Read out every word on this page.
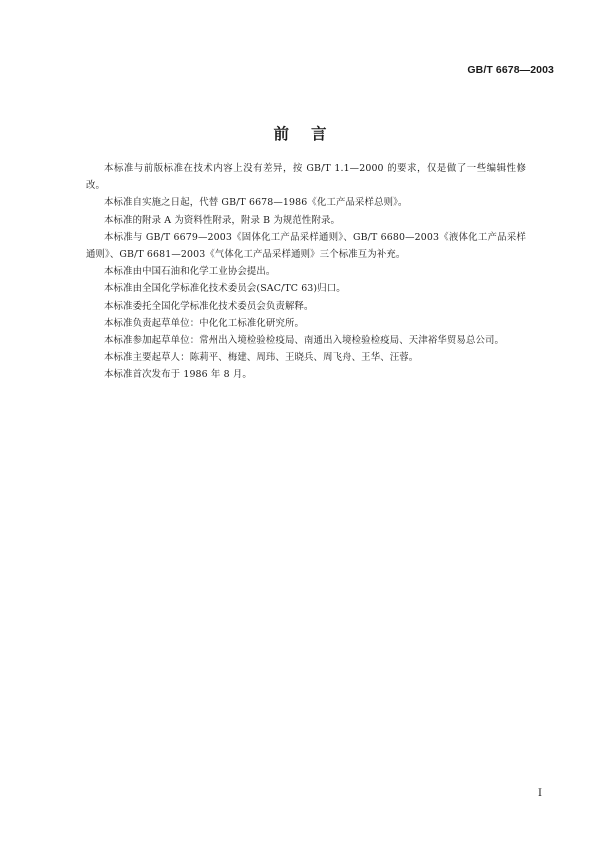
GB/T 6678—2003
前言

本标准与前版标准在技术内容上没有差异，按 GB/T 1.1—2000 的要求，仅是做了一些编辑性修改。

本标准自实施之日起，代替 GB/T 6678—1986《化工产品采样总则》。

本标准的附录 A 为资料性附录，附录 B 为规范性附录。

本标准与 GB/T 6679—2003《固体化工产品采样通则》、GB/T 6680—2003《液体化工产品采样通则》、GB/T 6681—2003《气体化工产品采样通则》三个标准互为补充。

本标准由中国石油和化学工业协会提出。

本标准由全国化学标准化技术委员会(SAC/TC 63)归口。

本标准委托全国化学标准化技术委员会负责解释。

本标准负责起草单位：中化化工标准化研究所。

本标准参加起草单位：常州出入境检验检疫局、南通出入境检验检疫局、天津裕华贸易总公司。

本标准主要起草人：陈莉平、梅建、周玮、王晓兵、周飞舟、王华、汪蓉。

本标准首次发布于 1986 年 8 月。

I
